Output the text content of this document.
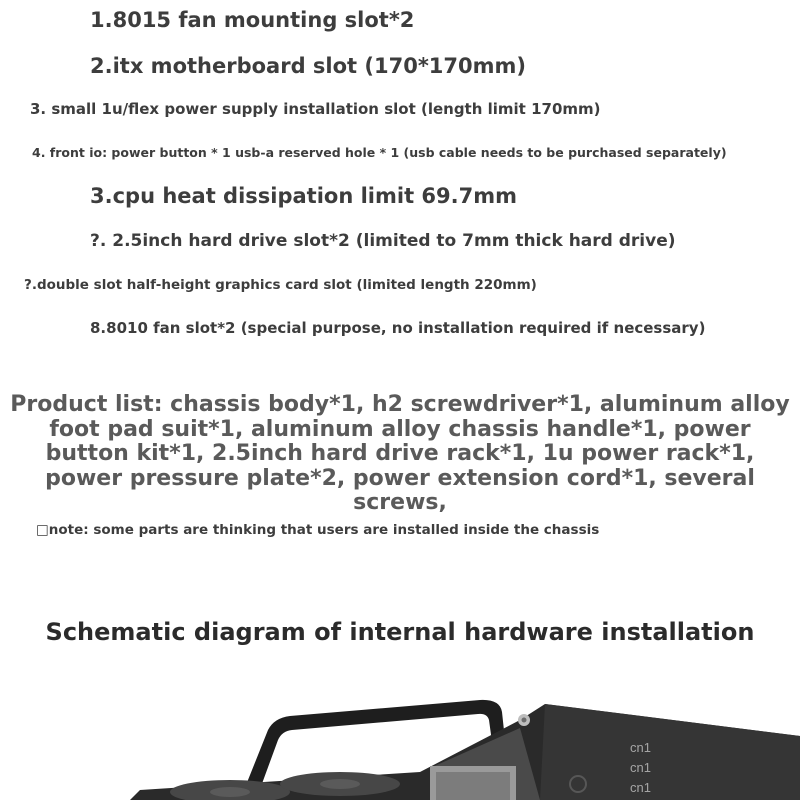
1.8015 fan mounting slot*2

2.itx motherboard slot (170*170mm)

3. small 1u/flex power supply installation slot (length limit 170mm)

4. front io: power button * 1 usb-a reserved hole * 1 (usb cable needs to be purchased separately)

3.cpu heat dissipation limit 69.7mm

?. 2.5inch hard drive slot*2 (limited to 7mm thick hard drive)

?.double slot half-height graphics card slot (limited length 220mm)

8.8010 fan slot*2 (special purpose, no installation required if necessary)

Product list: chassis body*1, h2 screwdriver*1, aluminum alloy foot pad suit*1, aluminum alloy chassis handle*1, power button kit*1, 2.5inch hard drive rack*1, 1u power rack*1, power pressure plate*2, power extension cord*1, several screws,

□note: some parts are thinking that users are installed inside the chassis

Schematic diagram of internal hardware installation
cn1
cn1
cn1
